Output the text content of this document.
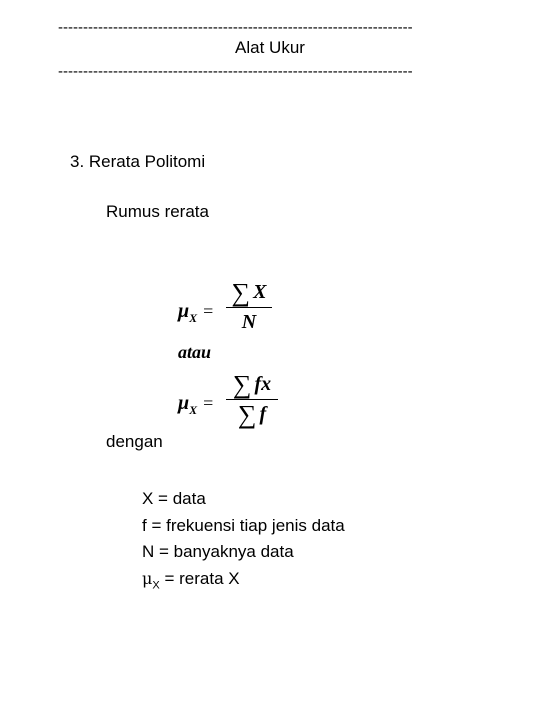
-----------------------------------------------------------------------
Alat Ukur
-----------------------------------------------------------------------
3. Rerata Politomi
Rumus rerata
$\mu_X$ =
∑ X
N
atau
$\mu_X$ =
∑ fx
∑ f
dengan
X = data
f = frekuensi tiap jenis data
N = banyaknya data
$\mu_X$ = rerata X
